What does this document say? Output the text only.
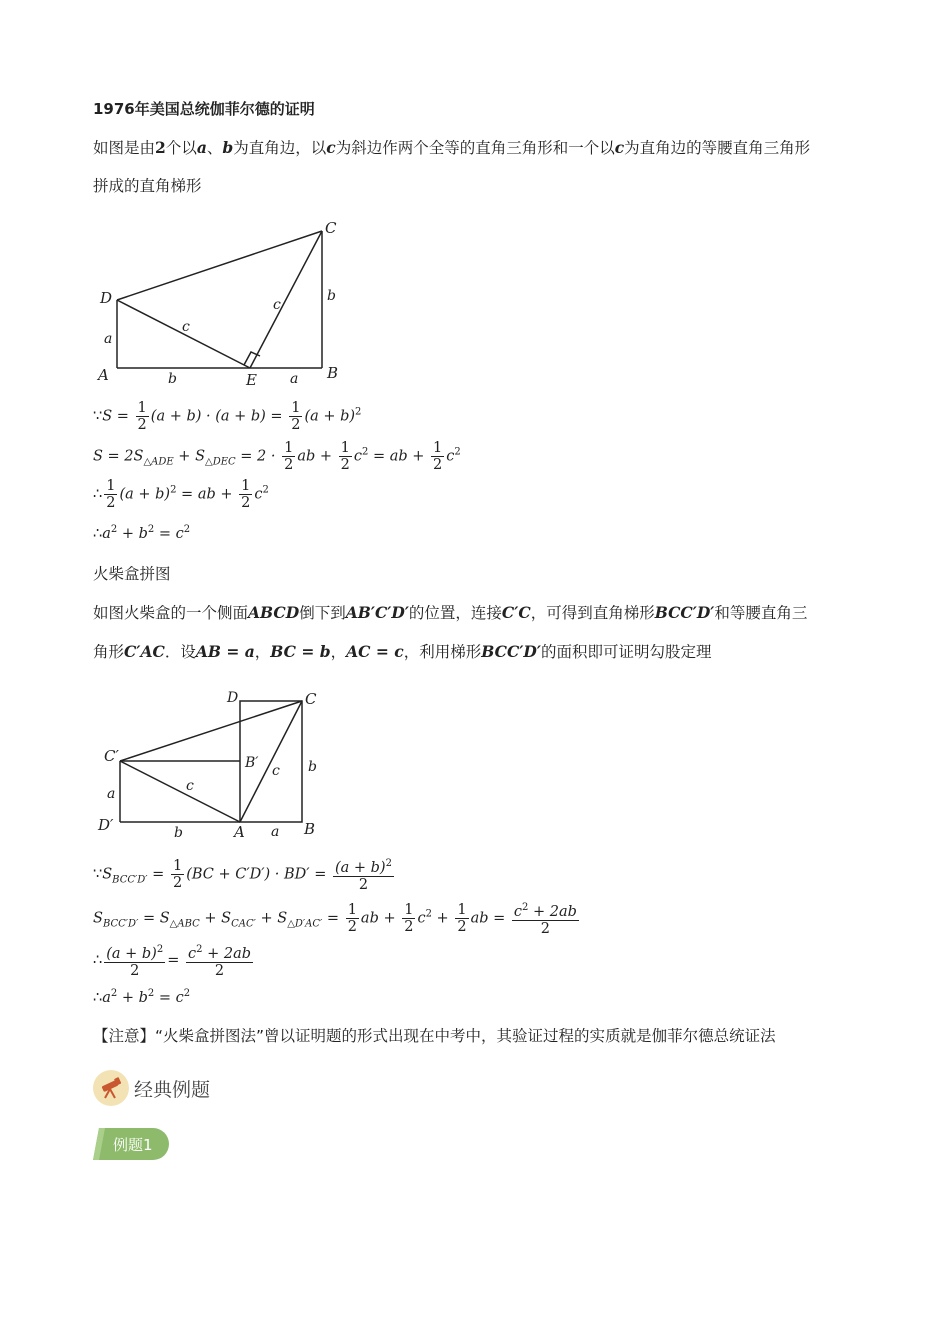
1976年美国总统伽菲尔德的证明
如图是由2个以a、b为直角边，以c为斜边作两个全等的直角三角形和一个以c为直角边的等腰直角三角形
拼成的直角梯形
C
D
A	E	B
a
a
b
b
c
c
∵S = $\frac{1}{2} (a + b) \cdot (a + b) = \frac{1}{2} (a + b)^2$
$S = 2S_{\triangle ADE} + S_{\triangle DEC} = 2 \cdot \frac{1}{2}$ ab + $\frac{1}{2} c^2$ = ab + $\frac{1}{2} c^2$
∴ $\frac{1}{2} (a + b)^2$ = ab + $\frac{1}{2} c^2$
$\therefore a^2 + b^2 = c^2$
火柴盒拼图
如图火柴盒的一个侧面ABCD倒下到AB′C′D′的位置，连接C′C，可得到直角梯形BCC′D′和等腰直角三
角形C′AC．设AB = a，BC = b，AC = c，利用梯形BCC′D′的面积即可证明勾股定理
D	C
B′
C′
D′	A	B
a
a
b
b
c
c
$\because S_{BCC'D'} = \frac{1}{2} (BC + C'D') \cdot BD' = \frac{(a + b)^2}{2}$
$S_{BCC'D'} = S_{\triangle ABC} + S_{CAC'} + S_{\triangle D'AC'} = \frac{1}{2}$ ab + $\frac{1}{2} c^2 + \frac{1}{2}$ ab = $\frac{c^2 + 2ab}{2}$
∴ $\frac{(a + b)^2}{2} = \frac{c^2 + 2ab}{2}$
$\therefore a^2 + b^2 = c^2$
【注意】“火柴盒拼图法”曾以证明题的形式出现在中考中，其验证过程的实质就是伽菲尔德总统证法
经典例题
例题1
